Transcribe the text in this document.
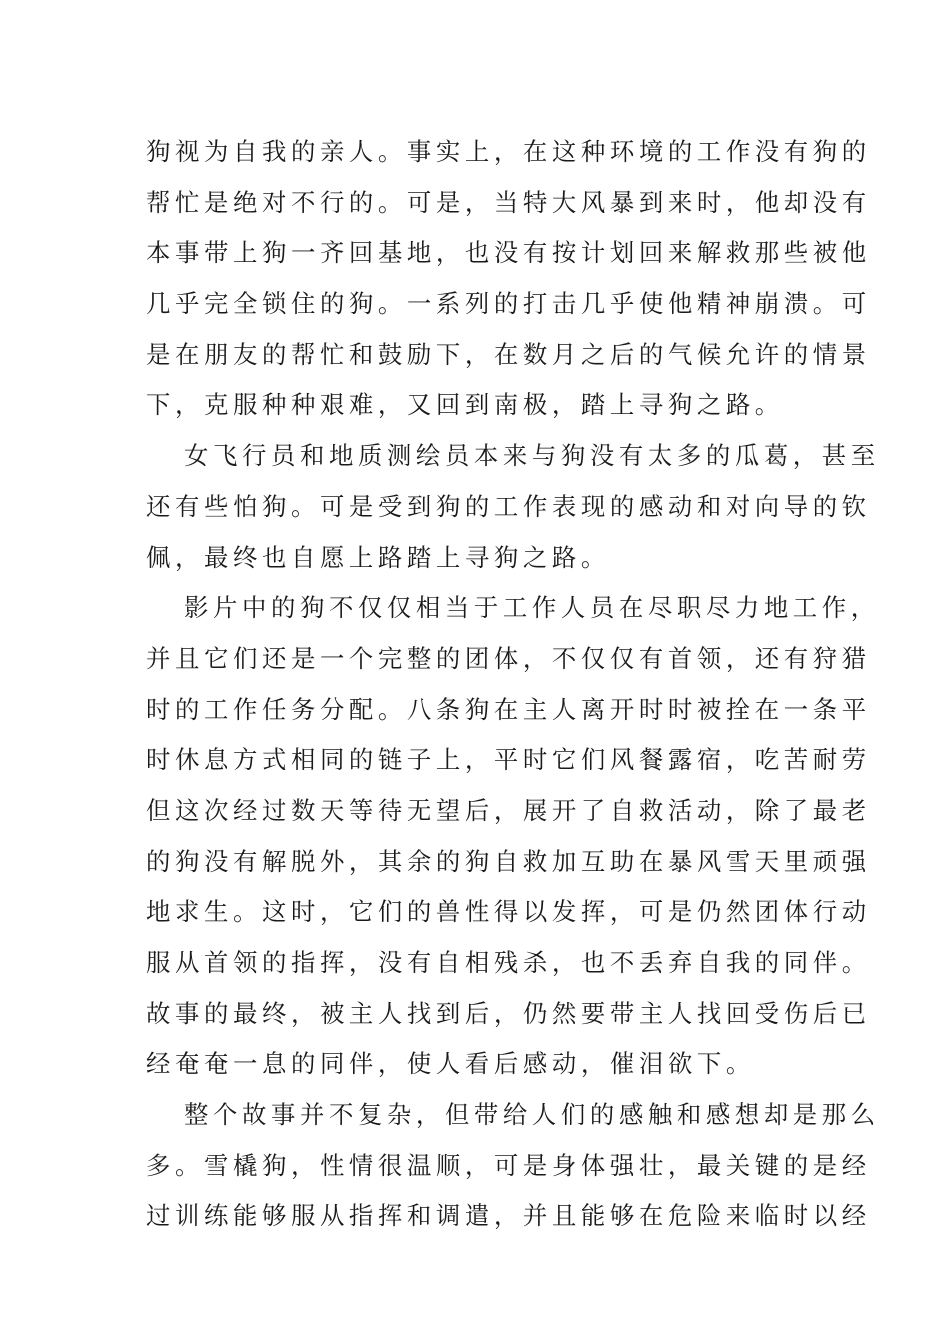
狗视为自我的亲人。事实上，在这种环境的工作没有狗的
帮忙是绝对不行的。可是，当特大风暴到来时，他却没有
本事带上狗一齐回基地，也没有按计划回来解救那些被他
几乎完全锁住的狗。一系列的打击几乎使他精神崩溃。可
是在朋友的帮忙和鼓励下，在数月之后的气候允许的情景
下，克服种种艰难，又回到南极，踏上寻狗之路。
女飞行员和地质测绘员本来与狗没有太多的瓜葛，甚至
还有些怕狗。可是受到狗的工作表现的感动和对向导的钦
佩，最终也自愿上路踏上寻狗之路。
影片中的狗不仅仅相当于工作人员在尽职尽力地工作，
并且它们还是一个完整的团体，不仅仅有首领，还有狩猎
时的工作任务分配。八条狗在主人离开时时被拴在一条平
时休息方式相同的链子上，平时它们风餐露宿，吃苦耐劳
但这次经过数天等待无望后，展开了自救活动，除了最老
的狗没有解脱外，其余的狗自救加互助在暴风雪天里顽强
地求生。这时，它们的兽性得以发挥，可是仍然团体行动
服从首领的指挥，没有自相残杀，也不丢弃自我的同伴。
故事的最终，被主人找到后，仍然要带主人找回受伤后已
经奄奄一息的同伴，使人看后感动，催泪欲下。
整个故事并不复杂，但带给人们的感触和感想却是那么
多。雪橇狗，性情很温顺，可是身体强壮，最关键的是经
过训练能够服从指挥和调遣，并且能够在危险来临时以经
